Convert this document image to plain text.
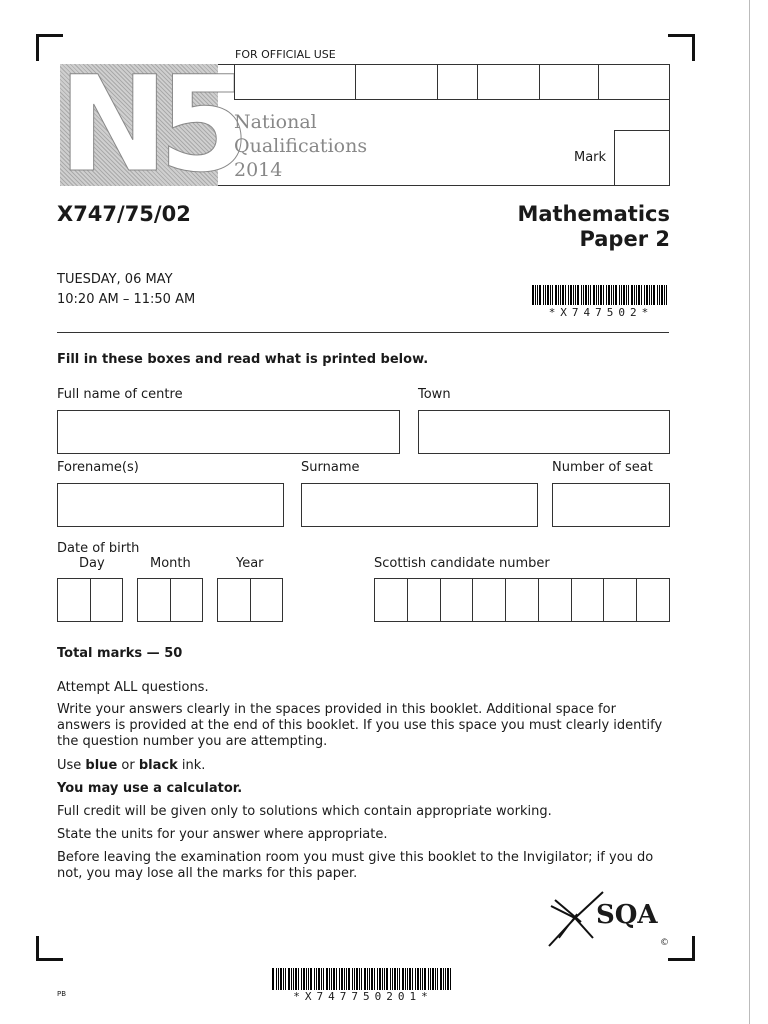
N5
FOR OFFICIAL USE
National
Qualifications
2014
Mark
X747/75/02	Mathematics
Paper 2
TUESDAY, 06 MAY
10:20 AM – 11:50 AM
*X747502*
Fill in these boxes and read what is printed below.
Full name of centre	Town
Forename(s)	Surname	Number of seat
Date of birth
Day	Month	Year	Scottish candidate number
Total marks — 50
Attempt ALL questions.
Write your answers clearly in the spaces provided in this booklet. Additional space for answers is provided at the end of this booklet. If you use this space you must clearly identify the question number you are attempting.
Use blue or black ink.
You may use a calculator.
Full credit will be given only to solutions which contain appropriate working.
State the units for your answer where appropriate.
Before leaving the examination room you must give this booklet to the Invigilator; if you do not, you may lose all the marks for this paper.
SQA
©
PB	*X747750201*
